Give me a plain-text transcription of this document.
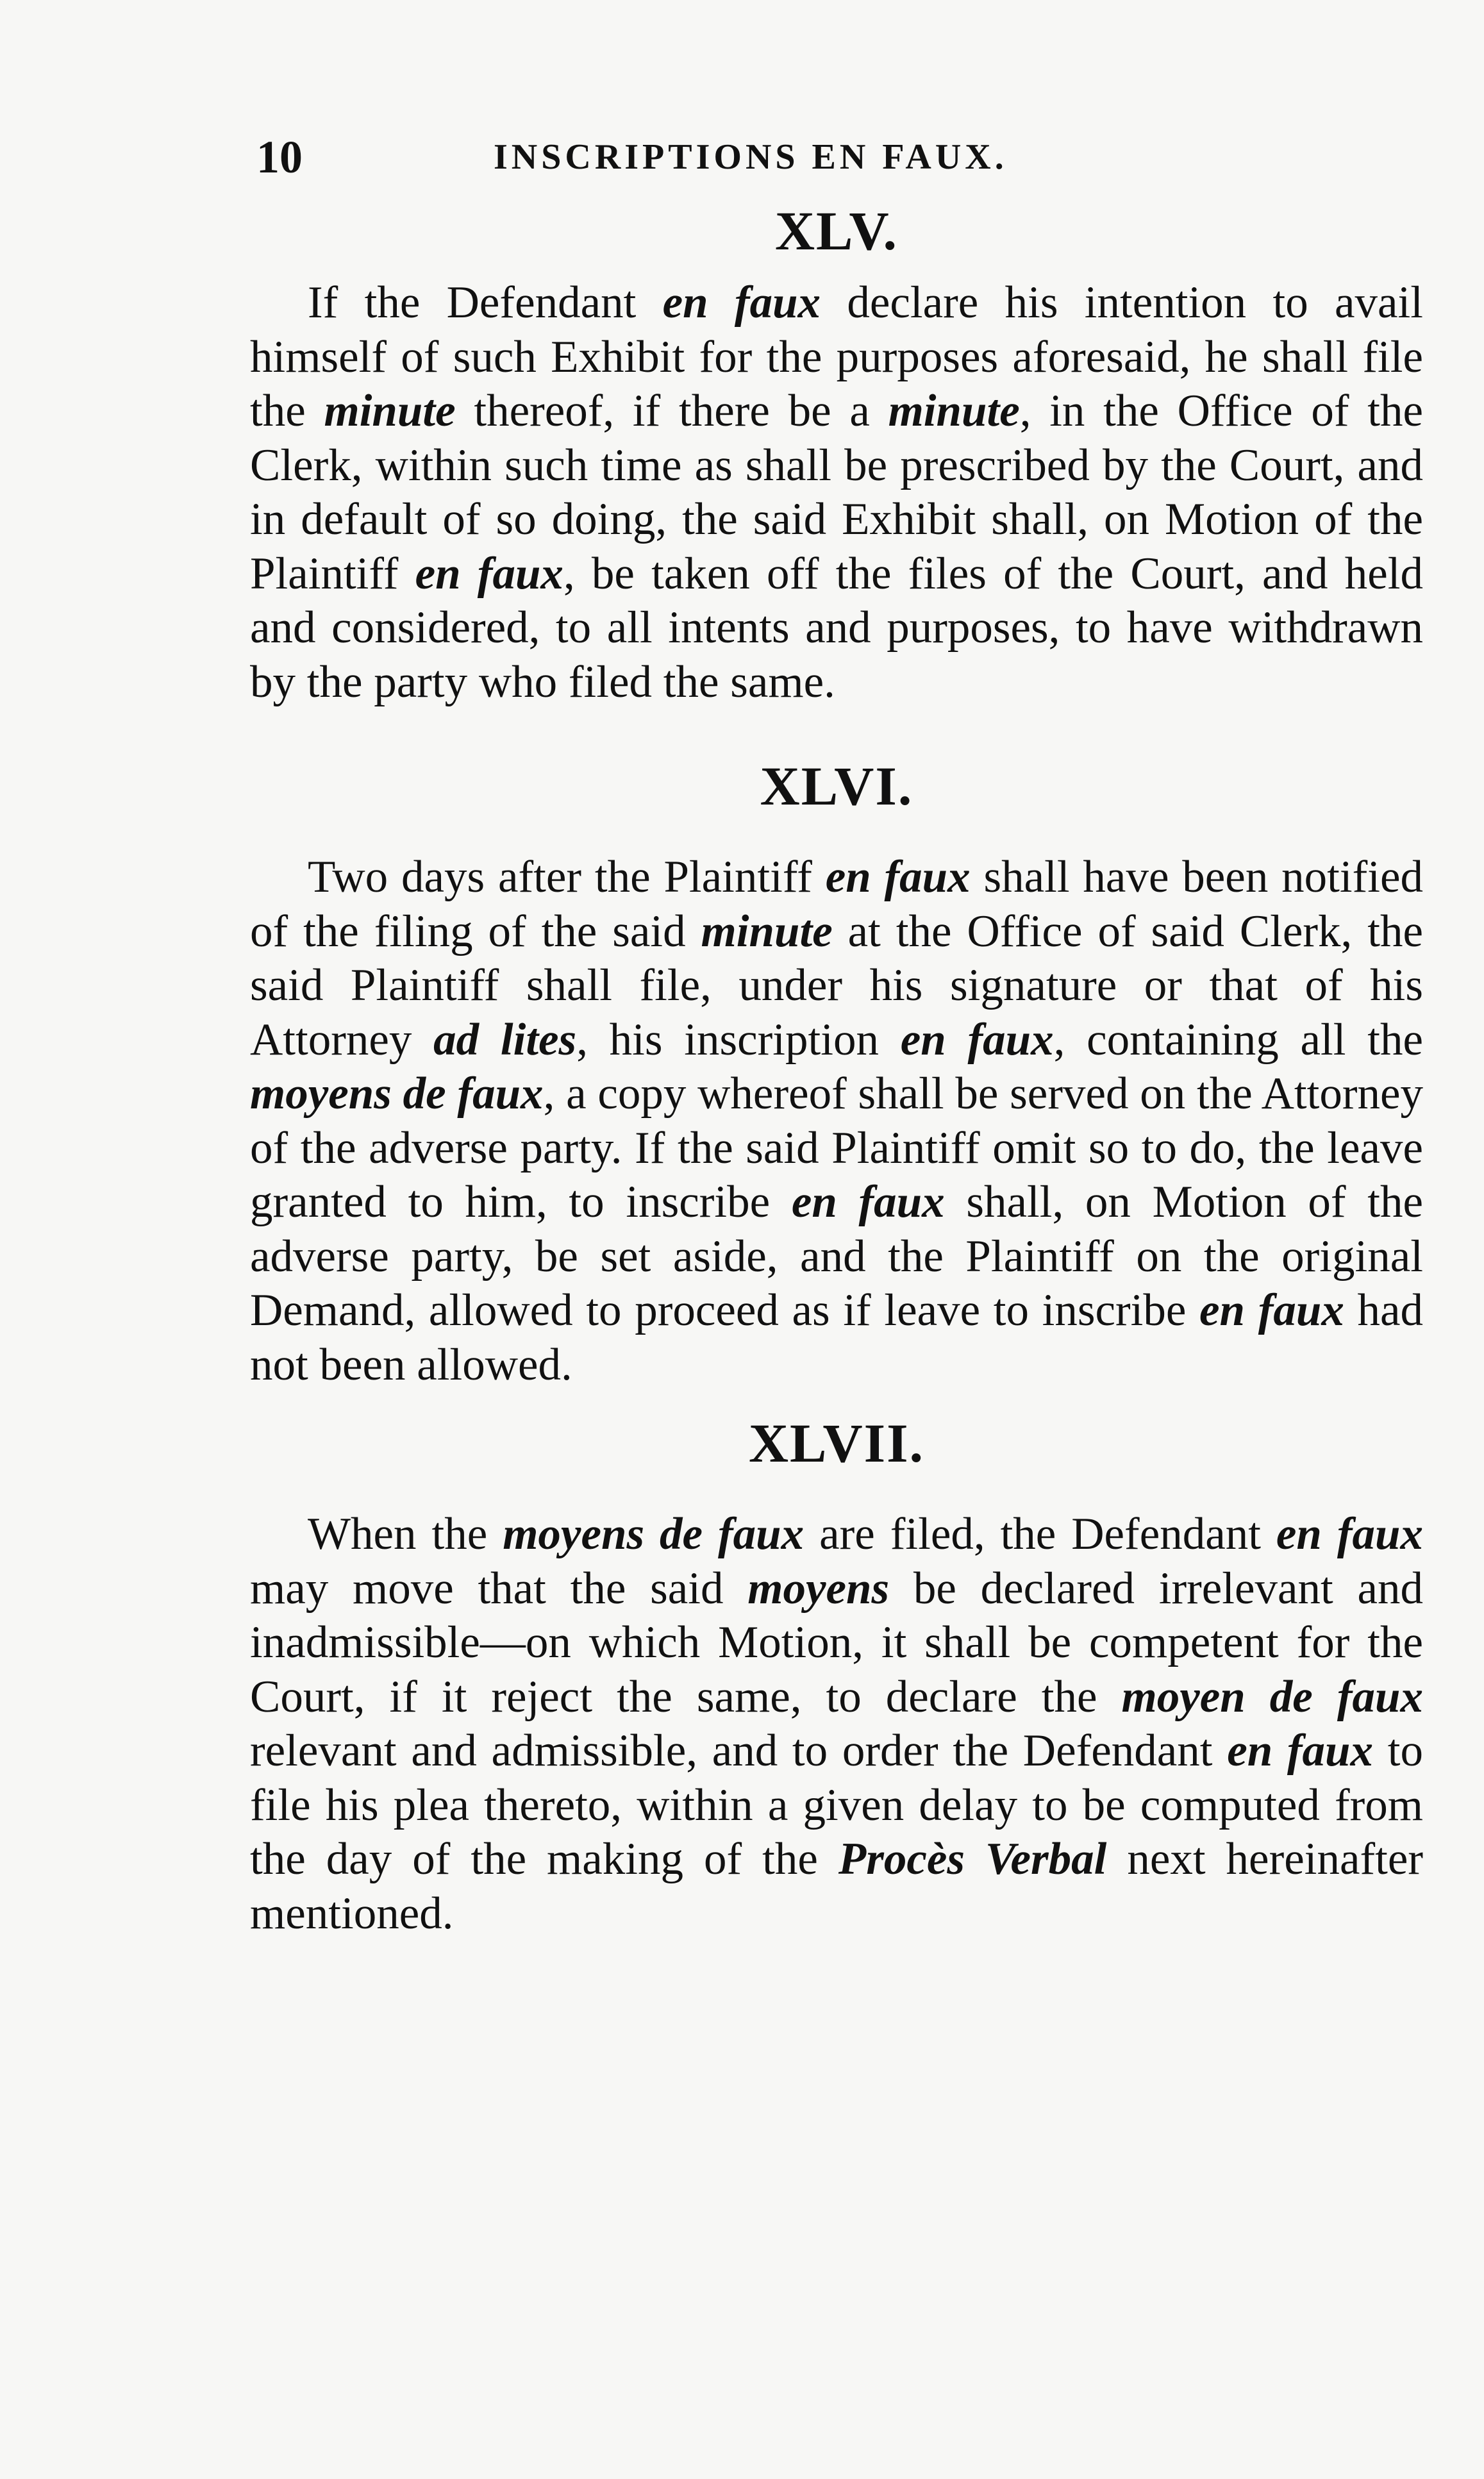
10	INSCRIPTIONS EN FAUX.
XLV.

If the Defendant en faux declare his intention to avail himself of such Exhibit for the purposes aforesaid, he shall file the minute thereof, if there be a minute, in the Office of the Clerk, within such time as shall be prescribed by the Court, and in default of so doing, the said Exhibit shall, on Motion of the Plaintiff en faux, be taken off the files of the Court, and held and considered, to all intents and purposes, to have withdrawn by the party who filed the same.

XLVI.

Two days after the Plaintiff en faux shall have been notified of the filing of the said minute at the Office of said Clerk, the said Plaintiff shall file, under his signature or that of his Attorney ad lites, his inscription en faux, containing all the moyens de faux, a copy whereof shall be served on the Attorney of the adverse party. If the said Plaintiff omit so to do, the leave granted to him, to inscribe en faux shall, on Motion of the adverse party, be set aside, and the Plaintiff on the original Demand, allowed to proceed as if leave to inscribe en faux had not been allowed.

XLVII.

When the moyens de faux are filed, the Defendant en faux may move that the said moyens be declared irrelevant and inadmissible—on which Motion, it shall be competent for the Court, if it reject the same, to declare the moyen de faux relevant and admissible, and to order the Defendant en faux to file his plea thereto, within a given delay to be computed from the day of the making of the Procès Verbal next hereinafter mentioned.
